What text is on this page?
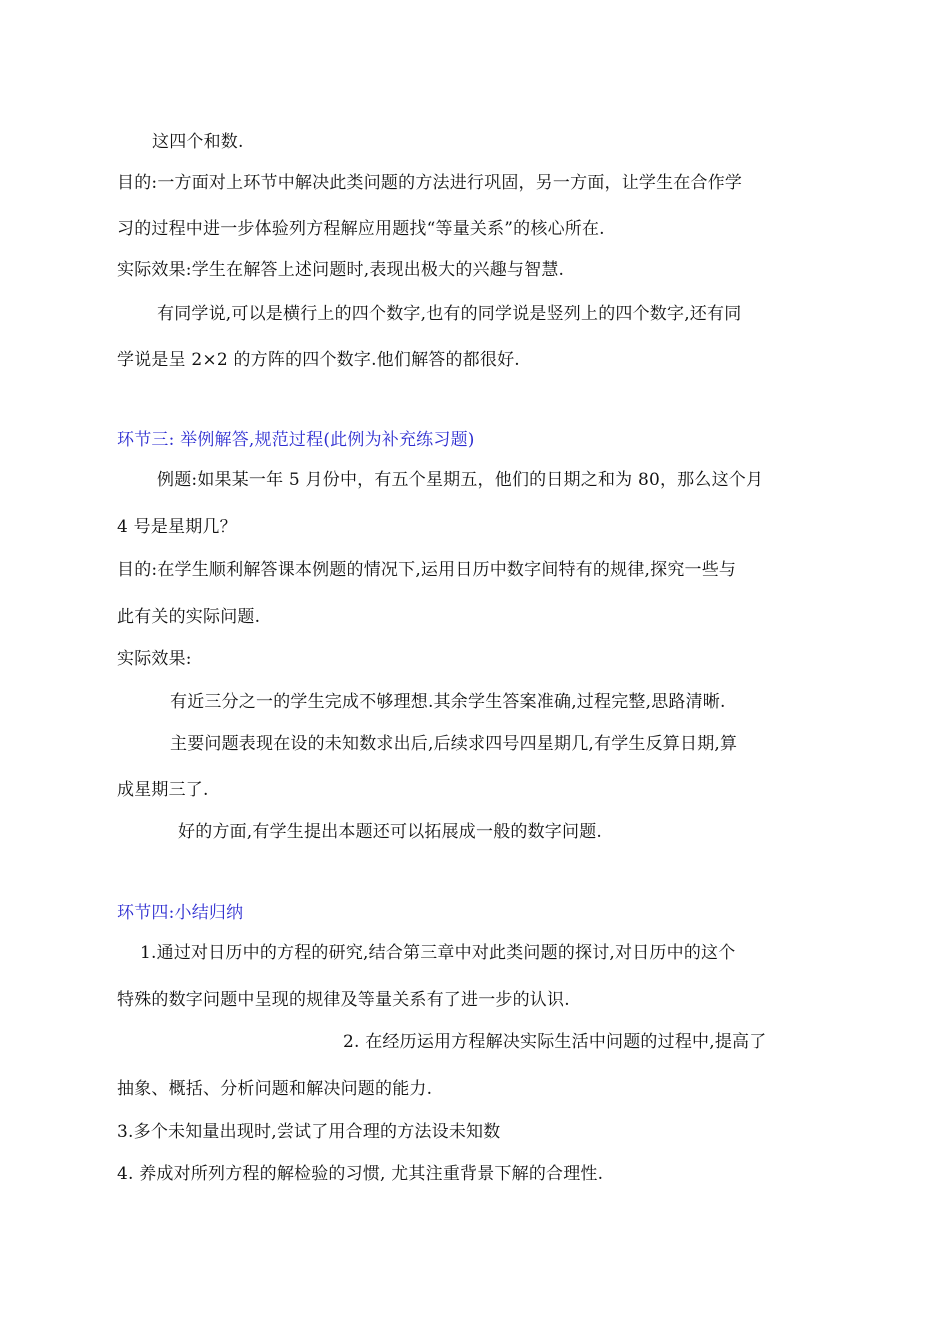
这四个和数.
目的:一方面对上环节中解决此类问题的方法进行巩固，另一方面，让学生在合作学
习的过程中进一步体验列方程解应用题找“等量关系”的核心所在.
实际效果:学生在解答上述问题时,表现出极大的兴趣与智慧.
有同学说,可以是横行上的四个数字,也有的同学说是竖列上的四个数字,还有同
学说是呈 2×2 的方阵的四个数字.他们解答的都很好.
环节三: 举例解答,规范过程(此例为补充练习题)
例题:如果某一年 5 月份中，有五个星期五，他们的日期之和为 80，那么这个月
4 号是星期几？
目的:在学生顺利解答课本例题的情况下,运用日历中数字间特有的规律,探究一些与
此有关的实际问题.
实际效果:
有近三分之一的学生完成不够理想.其余学生答案准确,过程完整,思路清晰.
主要问题表现在设的未知数求出后,后续求四号四星期几,有学生反算日期,算
成星期三了.
好的方面,有学生提出本题还可以拓展成一般的数字问题.
环节四:小结归纳
1.通过对日历中的方程的研究,结合第三章中对此类问题的探讨,对日历中的这个
特殊的数字问题中呈现的规律及等量关系有了进一步的认识.
2. 在经历运用方程解决实际生活中问题的过程中,提高了
抽象、概括、分析问题和解决问题的能力.
3.多个未知量出现时,尝试了用合理的方法设未知数
4. 养成对所列方程的解检验的习惯, 尤其注重背景下解的合理性.
